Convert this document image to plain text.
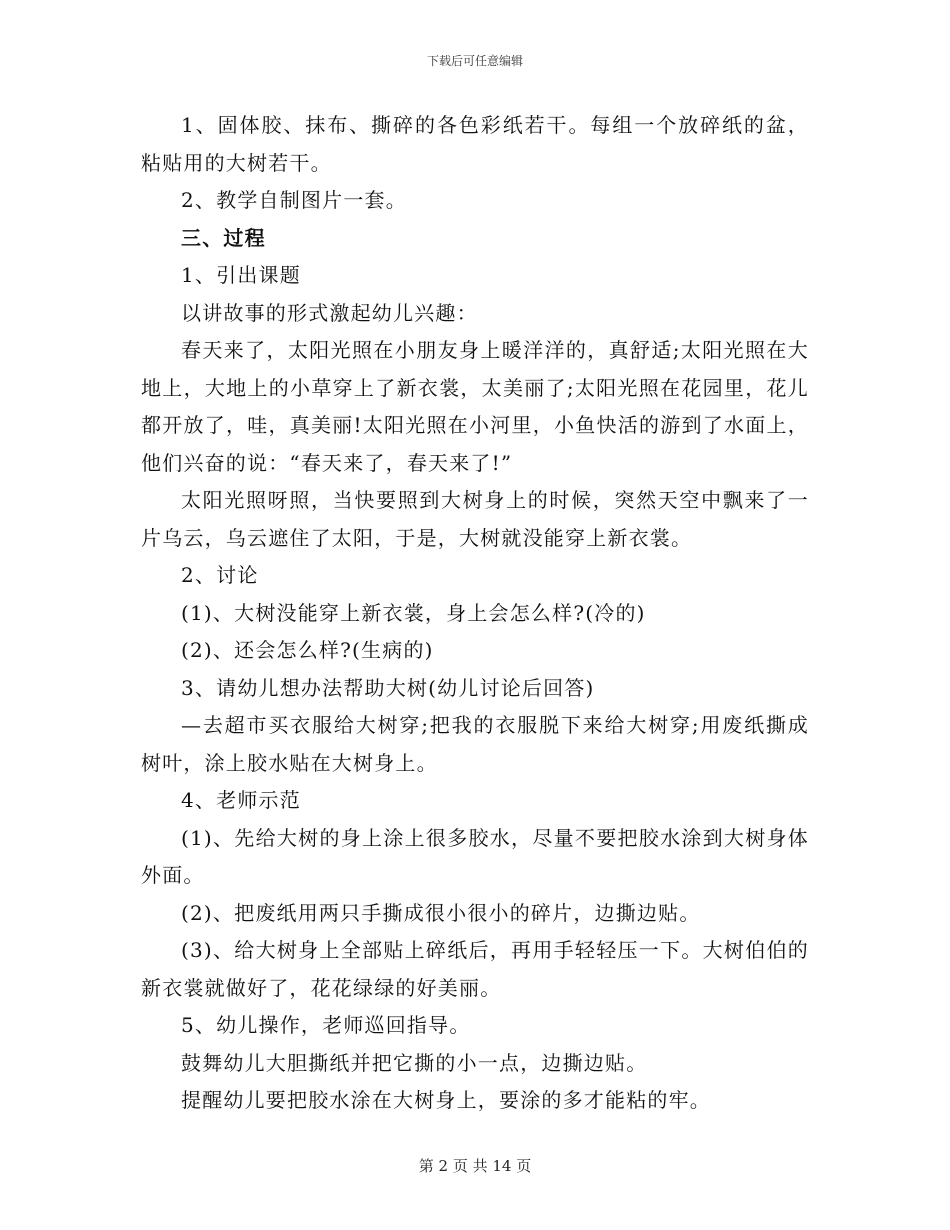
下载后可任意编辑

1、固体胶、抹布、撕碎的各色彩纸若干。每组一个放碎纸的盆，粘贴用的大树若干。

2、教学自制图片一套。

三、过程

1、引出课题

以讲故事的形式激起幼儿兴趣：

春天来了，太阳光照在小朋友身上暖洋洋的，真舒适;太阳光照在大地上，大地上的小草穿上了新衣裳，太美丽了;太阳光照在花园里，花儿都开放了，哇，真美丽!太阳光照在小河里，小鱼快活的游到了水面上，他们兴奋的说：“春天来了，春天来了!”

太阳光照呀照，当快要照到大树身上的时候，突然天空中飘来了一片乌云，乌云遮住了太阳，于是，大树就没能穿上新衣裳。

2、讨论

(1)、大树没能穿上新衣裳，身上会怎么样?(冷的)

(2)、还会怎么样?(生病的)

3、请幼儿想办法帮助大树(幼儿讨论后回答)

—去超市买衣服给大树穿;把我的衣服脱下来给大树穿;用废纸撕成树叶，涂上胶水贴在大树身上。

4、老师示范

(1)、先给大树的身上涂上很多胶水，尽量不要把胶水涂到大树身体外面。

(2)、把废纸用两只手撕成很小很小的碎片，边撕边贴。

(3)、给大树身上全部贴上碎纸后，再用手轻轻压一下。大树伯伯的新衣裳就做好了，花花绿绿的好美丽。

5、幼儿操作，老师巡回指导。

鼓舞幼儿大胆撕纸并把它撕的小一点，边撕边贴。

提醒幼儿要把胶水涂在大树身上，要涂的多才能粘的牢。

第 2 页 共 14 页
